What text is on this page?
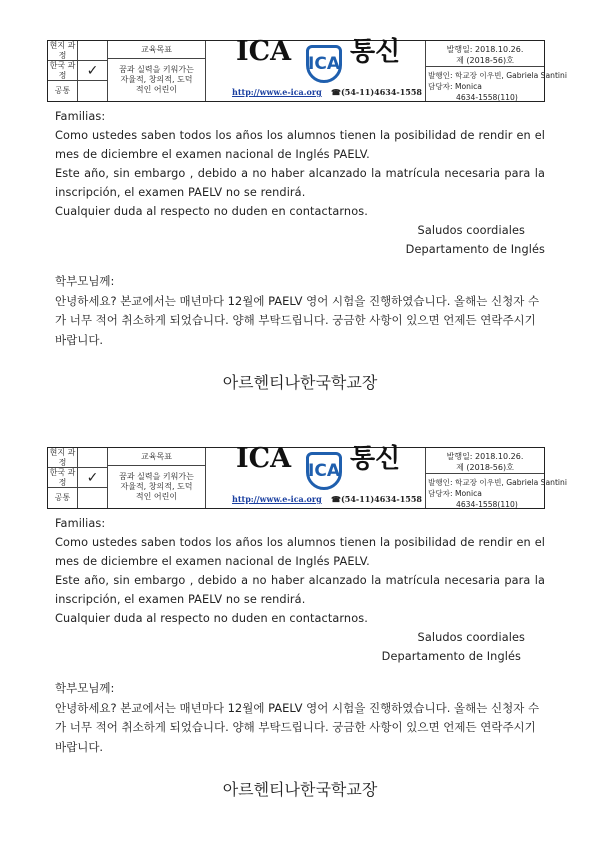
현지 과정
한국 과정	✓
공통
교육목표
꿈과 실력을 키워가는 자율적, 창의적, 도덕적인 어린이
ICA ICA 통신
http://www.e-ica.org ☎(54-11)4634-1558
발행일: 2018.10.26.
제 (2018-56)호
발행인: 학교장 이우빈, Gabriela Santini
담당자: Monica
4634-1558(110)
Familias:
Como ustedes saben todos los años los alumnos tienen la posibilidad de rendir en el mes de diciembre el examen nacional de Inglés PAELV.
Este año, sin embargo , debido a no haber alcanzado la matrícula necesaria para la inscripción, el examen PAELV no se rendirá.
Cualquier duda al respecto no duden en contactarnos.
Saludos coordiales
Departamento de Inglés
학부모님께:
안녕하세요? 본교에서는 매년마다 12월에 PAELV 영어 시험을 진행하였습니다. 올해는 신청자 수가 너무 적어 취소하게 되었습니다. 양해 부탁드립니다. 궁금한 사항이 있으면 언제든 연락주시기 바랍니다.
아르헨티나한국학교장
현지 과정
한국 과정	✓
공통
교육목표
꿈과 실력을 키워가는 자율적, 창의적, 도덕적인 어린이
ICA ICA 통신
http://www.e-ica.org ☎(54-11)4634-1558
발행일: 2018.10.26.
제 (2018-56)호
발행인: 학교장 이우빈, Gabriela Santini
담당자: Monica
4634-1558(110)
Familias:
Como ustedes saben todos los años los alumnos tienen la posibilidad de rendir en el mes de diciembre el examen nacional de Inglés PAELV.
Este año, sin embargo , debido a no haber alcanzado la matrícula necesaria para la inscripción, el examen PAELV no se rendirá.
Cualquier duda al respecto no duden en contactarnos.
Saludos coordiales
Departamento de Inglés
학부모님께:
안녕하세요? 본교에서는 매년마다 12월에 PAELV 영어 시험을 진행하였습니다. 올해는 신청자 수가 너무 적어 취소하게 되었습니다. 양해 부탁드립니다. 궁금한 사항이 있으면 언제든 연락주시기 바랍니다.
아르헨티나한국학교장
